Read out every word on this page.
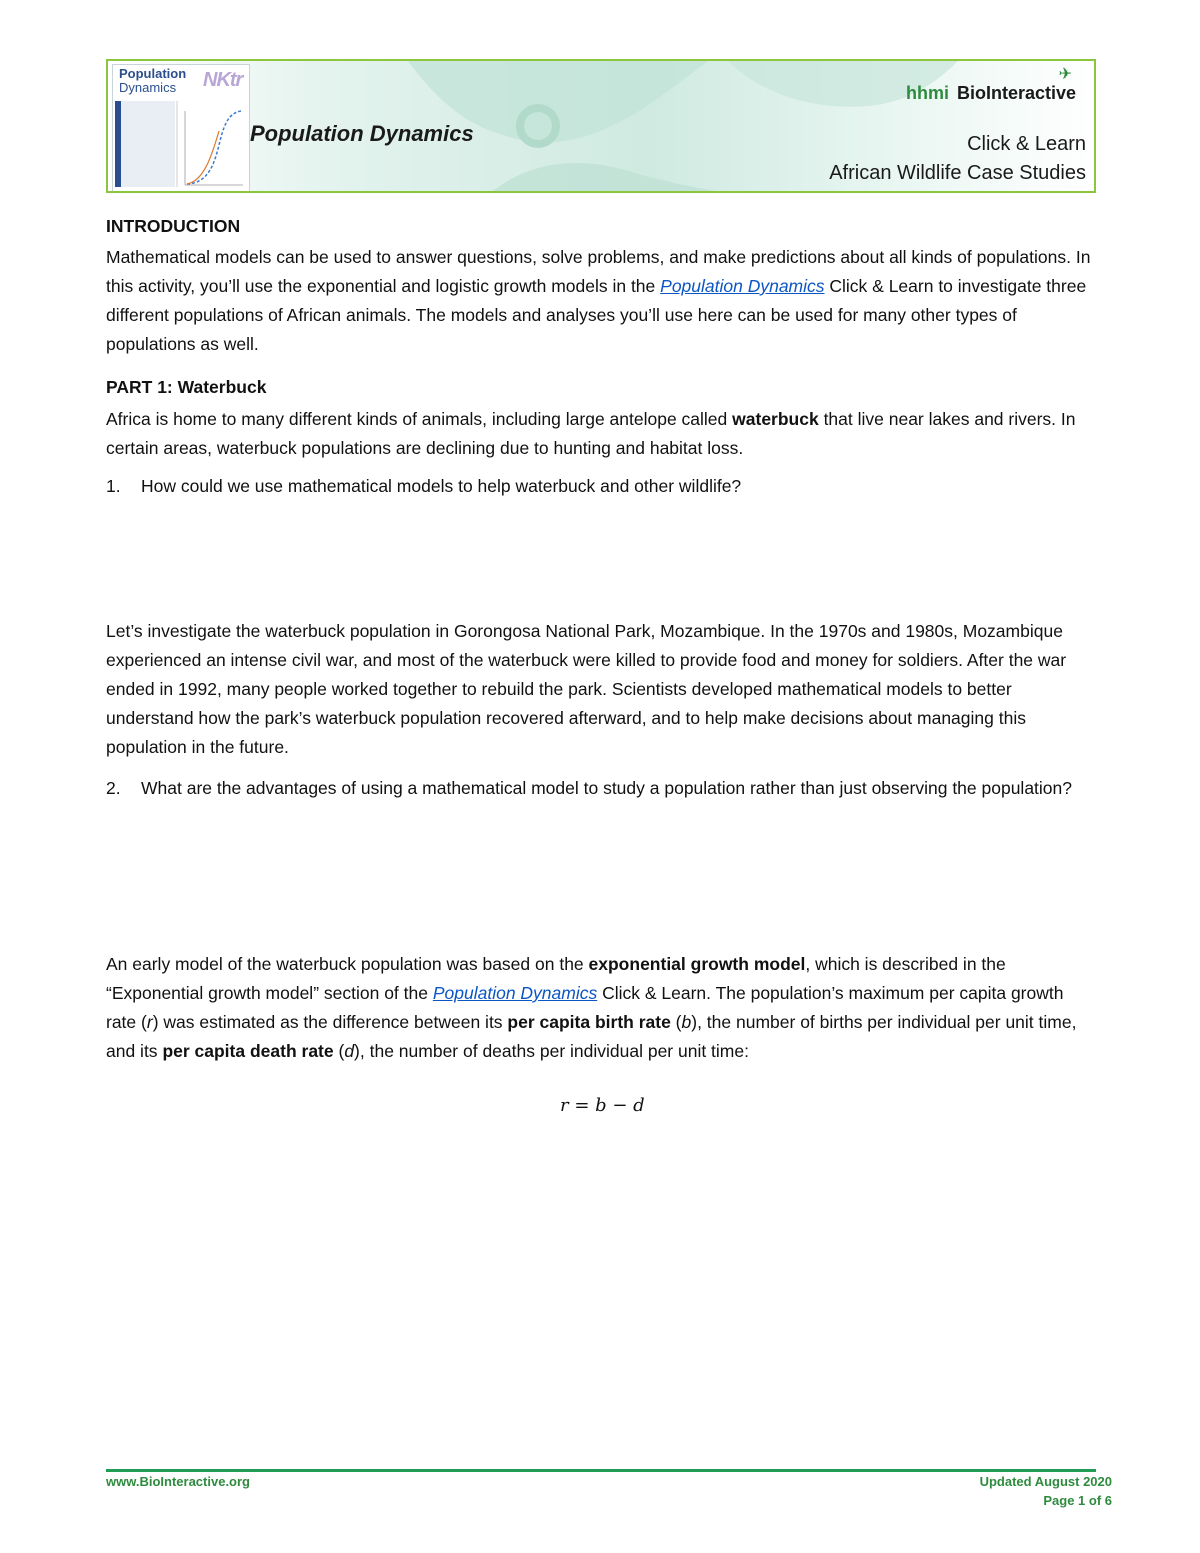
Population
Dynamics	NKtr
Population Dynamics
✈
hhmi BioInteractive
Click & Learn
African Wildlife Case Studies
INTRODUCTION

Mathematical models can be used to answer questions, solve problems, and make predictions about all kinds of populations. In this activity, you’ll use the exponential and logistic growth models in the Population Dynamics Click & Learn to investigate three different populations of African animals. The models and analyses you’ll use here can be used for many other types of populations as well.

PART 1: Waterbuck

Africa is home to many different kinds of animals, including large antelope called waterbuck that live near lakes and rivers. In certain areas, waterbuck populations are declining due to hunting and habitat loss.

1. How could we use mathematical models to help waterbuck and other wildlife?

Let’s investigate the waterbuck population in Gorongosa National Park, Mozambique. In the 1970s and 1980s, Mozambique experienced an intense civil war, and most of the waterbuck were killed to provide food and money for soldiers. After the war ended in 1992, many people worked together to rebuild the park. Scientists developed mathematical models to better understand how the park’s waterbuck population recovered afterward, and to help make decisions about managing this population in the future.

2. What are the advantages of using a mathematical model to study a population rather than just observing the population?

An early model of the waterbuck population was based on the exponential growth model, which is described in the “Exponential growth model” section of the Population Dynamics Click & Learn. The population’s maximum per capita growth rate (r) was estimated as the difference between its per capita birth rate (b), the number of births per individual per unit time, and its per capita death rate (d), the number of deaths per individual per unit time:

r = b − d
www.BioInteractive.org	Updated August 2020
Page 1 of 6
